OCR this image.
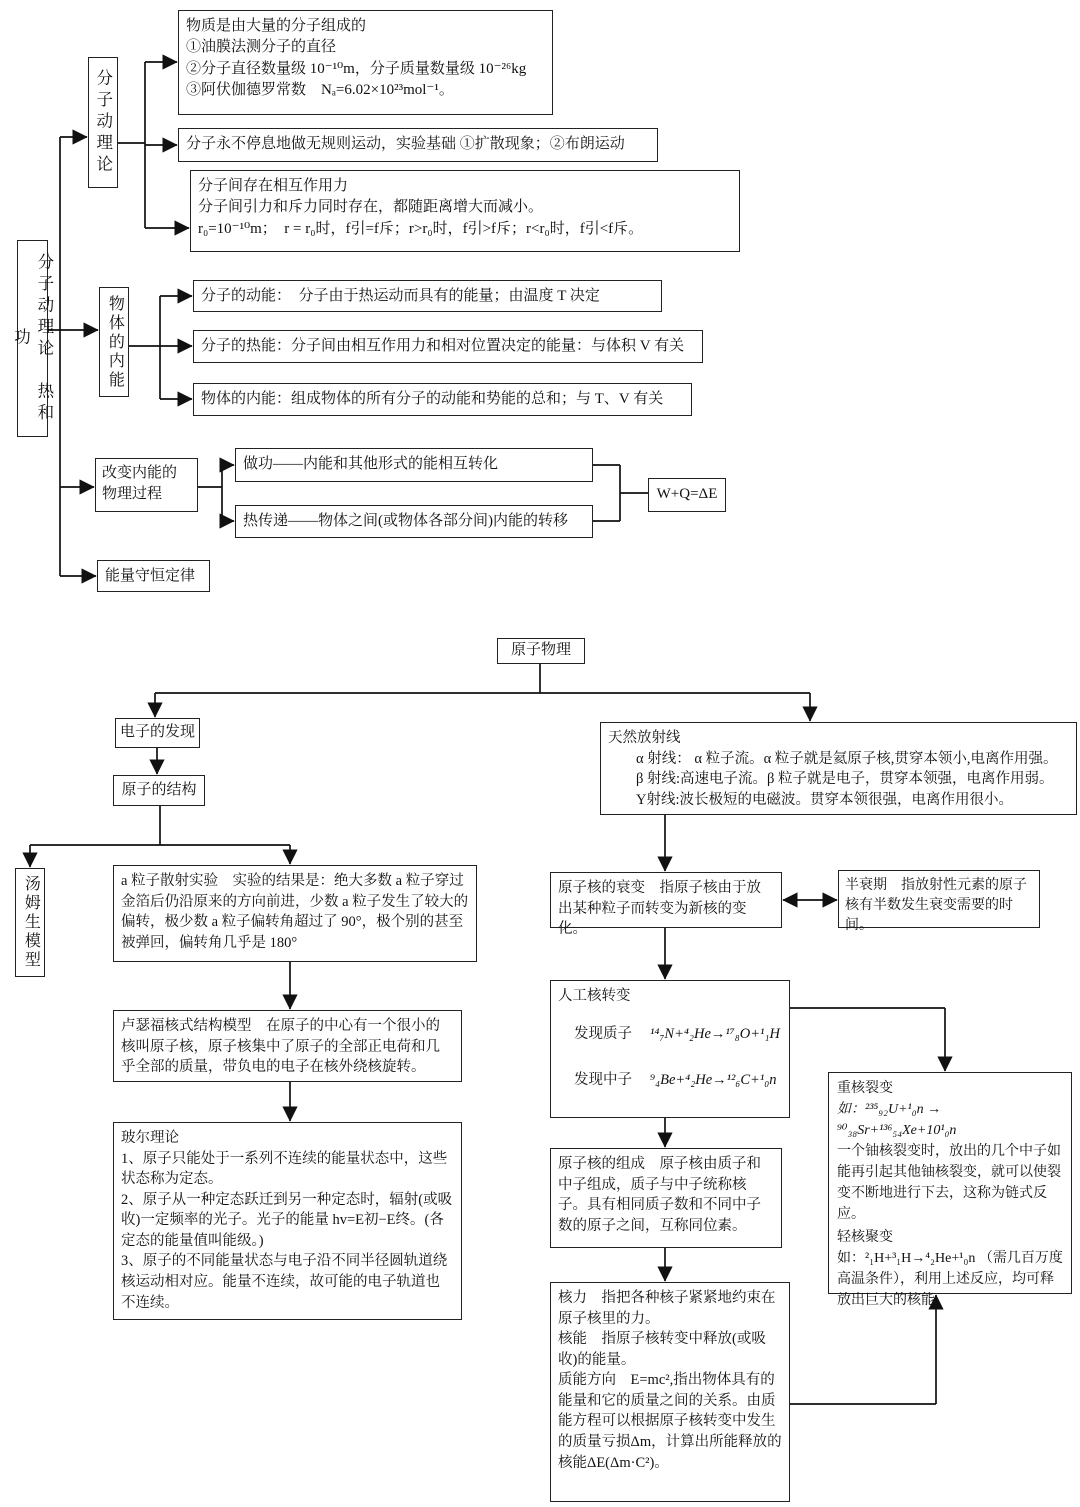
分子动理论　热和功
分子动理论
物质是由大量的分子组成的
①油膜法测分子的直径
②分子直径数量级 10⁻¹⁰m，分子质量数量级 10⁻²⁶kg
③阿伏伽德罗常数　Nₐ=6.02×10²³mol⁻¹。
分子永不停息地做无规则运动，实验基础 ①扩散现象；②布朗运动
分子间存在相互作用力
分子间引力和斥力同时存在，都随距离增大而减小。
r₀=10⁻¹⁰m；　r = r₀时，f引=f斥；r>r₀时，f引>f斥；r<r₀时，f引<f斥。
物体的内能	分子的动能：　分子由于热运动而具有的能量；由温度 T 决定
分子的热能：分子间由相互作用力和相对位置决定的能量：与体积 V 有关
物体的内能：组成物体的所有分子的动能和势能的总和；与 T、V 有关
改变内能的
物理过程
做功——内能和其他形式的能相互转化
热传递——物体之间(或物体各部分间)内能的转移
W+Q=ΔE
能量守恒定律
原子物理
电子的发现
原子的结构
天然放射线
α 射线： α 粒子流。α 粒子就是氦原子核,贯穿本领小,电离作用强。
β 射线:高速电子流。β 粒子就是电子，贯穿本领强，电离作用弱。
Υ射线:波长极短的电磁波。贯穿本领很强，电离作用很小。
汤姆生模型	a 粒子散射实验　实验的结果是：绝大多数 a 粒子穿过金箔后仍沿原来的方向前进，少数 a 粒子发生了较大的偏转，极少数 a 粒子偏转角超过了 90°，极个别的甚至被弹回，偏转角几乎是 180°
卢瑟福核式结构模型　在原子的中心有一个很小的核叫原子核，原子核集中了原子的全部正电荷和几乎全部的质量，带负电的电子在核外绕核旋转。
玻尔理论
1、原子只能处于一系列不连续的能量状态中，这些状态称为定态。
2、原子从一种定态跃迁到另一种定态时，辐射(或吸收)一定频率的光子。光子的能量 hv=E初−E终。(各定态的能量值叫能级。)
3、原子的不同能量状态与电子沿不同半径圆轨道绕核运动相对应。能量不连续，故可能的电子轨道也不连续。
原子核的衰变　指原子核由于放出某种粒子而转变为新核的变化。
半衰期　指放射性元素的原子核有半数发生衰变需要的时间。
人工核转变
发现质子 ¹⁴₇N+⁴₂He→¹⁷₈O+¹₁H
发现中子 ⁹₄Be+⁴₂He→¹²₆C+¹₀n
重核裂变
如：²³⁵₉₂U+¹₀n → ⁹⁰₃₈Sr+¹³⁶₅₄Xe+10¹₀n
一个铀核裂变时，放出的几个中子如能再引起其他铀核裂变，就可以使裂变不断地进行下去，这称为链式反应。
轻核聚变
如：²₁H+³₁H→⁴₂He+¹₀n （需几百万度高温条件），利用上述反应，均可释放出巨大的核能。
原子核的组成　原子核由质子和中子组成，质子与中子统称核子。具有相同质子数和不同中子数的原子之间，互称同位素。
核力　指把各种核子紧紧地约束在原子核里的力。
核能　指原子核转变中释放(或吸收)的能量。
质能方向　E=mc²,指出物体具有的能量和它的质量之间的关系。由质能方程可以根据原子核转变中发生的质量亏损Δm，计算出所能释放的核能ΔE(Δm·C²)。
